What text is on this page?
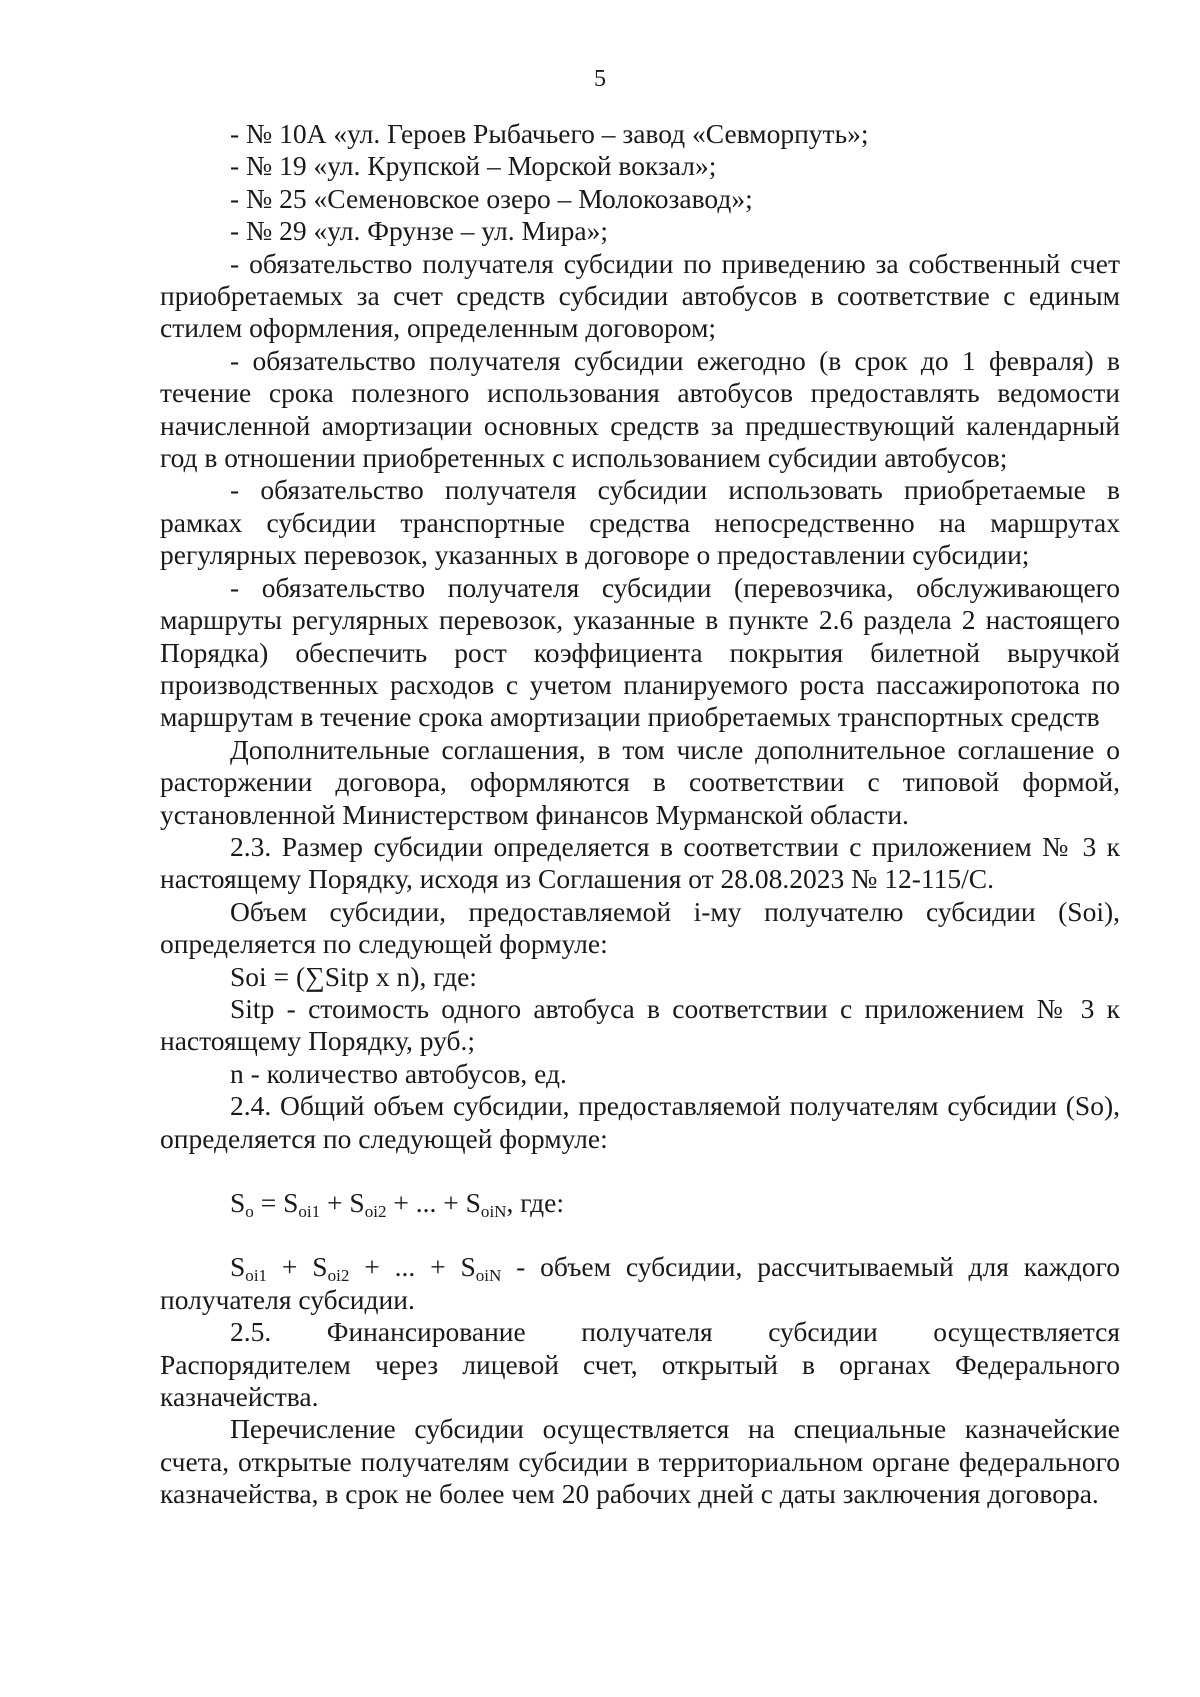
5

- № 10А «ул. Героев Рыбачьего – завод «Севморпуть»;

- № 19 «ул. Крупской – Морской вокзал»;

- № 25 «Семеновское озеро – Молокозавод»;

- № 29 «ул. Фрунзе – ул. Мира»;

- обязательство получателя субсидии по приведению за собственный счет приобретаемых за счет средств субсидии автобусов в соответствие с единым стилем оформления, определенным договором;

- обязательство получателя субсидии ежегодно (в срок до 1 февраля) в течение срока полезного использования автобусов предоставлять ведомости начисленной амортизации основных средств за предшествующий календарный год в отношении приобретенных с использованием субсидии автобусов;

- обязательство получателя субсидии использовать приобретаемые в рамках субсидии транспортные средства непосредственно на маршрутах регулярных перевозок, указанных в договоре о предоставлении субсидии;

- обязательство получателя субсидии (перевозчика, обслуживающего маршруты регулярных перевозок, указанные в пункте 2.6 раздела 2 настоящего Порядка) обеспечить рост коэффициента покрытия билетной выручкой производственных расходов с учетом планируемого роста пассажиропотока по маршрутам в течение срока амортизации приобретаемых транспортных средств

Дополнительные соглашения, в том числе дополнительное соглашение о расторжении договора, оформляются в соответствии с типовой формой, установленной Министерством финансов Мурманской области.

2.3. Размер субсидии определяется в соответствии с приложением № 3 к настоящему Порядку, исходя из Соглашения от 28.08.2023 № 12-115/С.

Объем субсидии, предоставляемой i-му получателю субсидии (Soi), определяется по следующей формуле:

Soi = (∑Sitp x n), где:

Sitp - стоимость одного автобуса в соответствии с приложением № 3 к настоящему Порядку, руб.;

n - количество автобусов, ед.

2.4. Общий объем субсидии, предоставляемой получателям субсидии (So), определяется по следующей формуле:

$S_o = S_{oi1} + S_{oi2}$ + ... + $S_{oiN}$, где:

$S_{oi1} + S_{oi2}$ + ... + $S_{oiN}$ - объем субсидии, рассчитываемый для каждого получателя субсидии.

2.5. Финансирование получателя субсидии осуществляется Распорядителем через лицевой счет, открытый в органах Федерального казначейства.

Перечисление субсидии осуществляется на специальные казначейские счета, открытые получателям субсидии в территориальном органе федерального казначейства, в срок не более чем 20 рабочих дней с даты заключения договора.
